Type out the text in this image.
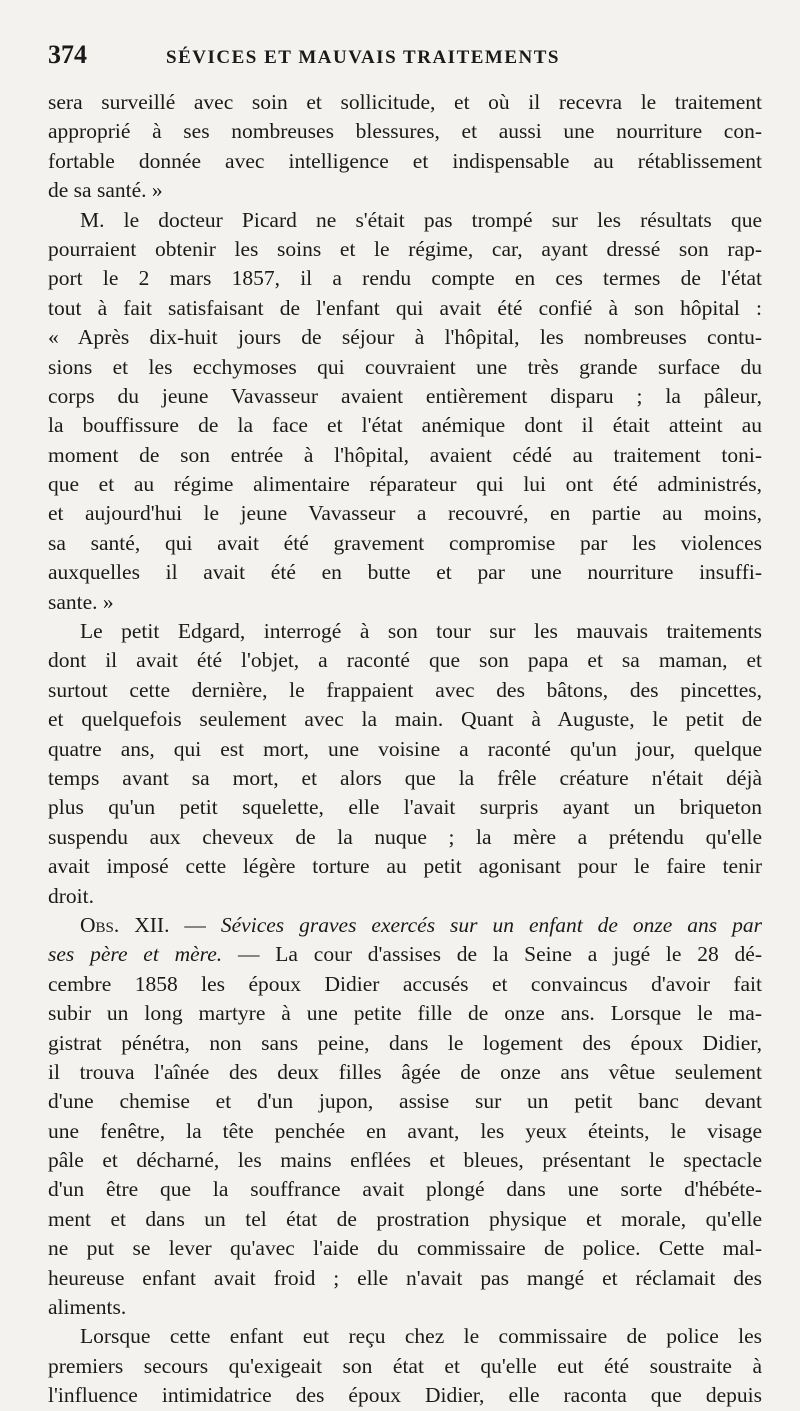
374	SÉVICES ET MAUVAIS TRAITEMENTS
sera surveillé avec soin et sollicitude, et où il recevra le traitement
approprié à ses nombreuses blessures, et aussi une nourriture con-
fortable donnée avec intelligence et indispensable au rétablissement
de sa santé. »
M. le docteur Picard ne s'était pas trompé sur les résultats que
pourraient obtenir les soins et le régime, car, ayant dressé son rap-
port le 2 mars 1857, il a rendu compte en ces termes de l'état
tout à fait satisfaisant de l'enfant qui avait été confié à son hôpital :
« Après dix-huit jours de séjour à l'hôpital, les nombreuses contu-
sions et les ecchymoses qui couvraient une très grande surface du
corps du jeune Vavasseur avaient entièrement disparu ; la pâleur,
la bouffissure de la face et l'état anémique dont il était atteint au
moment de son entrée à l'hôpital, avaient cédé au traitement toni-
que et au régime alimentaire réparateur qui lui ont été administrés,
et aujourd'hui le jeune Vavasseur a recouvré, en partie au moins,
sa santé, qui avait été gravement compromise par les violences
auxquelles il avait été en butte et par une nourriture insuffi-
sante. »
Le petit Edgard, interrogé à son tour sur les mauvais traitements
dont il avait été l'objet, a raconté que son papa et sa maman, et
surtout cette dernière, le frappaient avec des bâtons, des pincettes,
et quelquefois seulement avec la main. Quant à Auguste, le petit de
quatre ans, qui est mort, une voisine a raconté qu'un jour, quelque
temps avant sa mort, et alors que la frêle créature n'était déjà
plus qu'un petit squelette, elle l'avait surpris ayant un briqueton
suspendu aux cheveux de la nuque ; la mère a prétendu qu'elle
avait imposé cette légère torture au petit agonisant pour le faire tenir
droit.
Obs. XII. — Sévices graves exercés sur un enfant de onze ans par
ses père et mère. — La cour d'assises de la Seine a jugé le 28 dé-
cembre 1858 les époux Didier accusés et convaincus d'avoir fait
subir un long martyre à une petite fille de onze ans. Lorsque le ma-
gistrat pénétra, non sans peine, dans le logement des époux Didier,
il trouva l'aînée des deux filles âgée de onze ans vêtue seulement
d'une chemise et d'un jupon, assise sur un petit banc devant
une fenêtre, la tête penchée en avant, les yeux éteints, le visage
pâle et décharné, les mains enflées et bleues, présentant le spectacle
d'un être que la souffrance avait plongé dans une sorte d'hébéte-
ment et dans un tel état de prostration physique et morale, qu'elle
ne put se lever qu'avec l'aide du commissaire de police. Cette mal-
heureuse enfant avait froid ; elle n'avait pas mangé et réclamait des
aliments.
Lorsque cette enfant eut reçu chez le commissaire de police les
premiers secours qu'exigeait son état et qu'elle eut été soustraite à
l'influence intimidatrice des époux Didier, elle raconta que depuis
